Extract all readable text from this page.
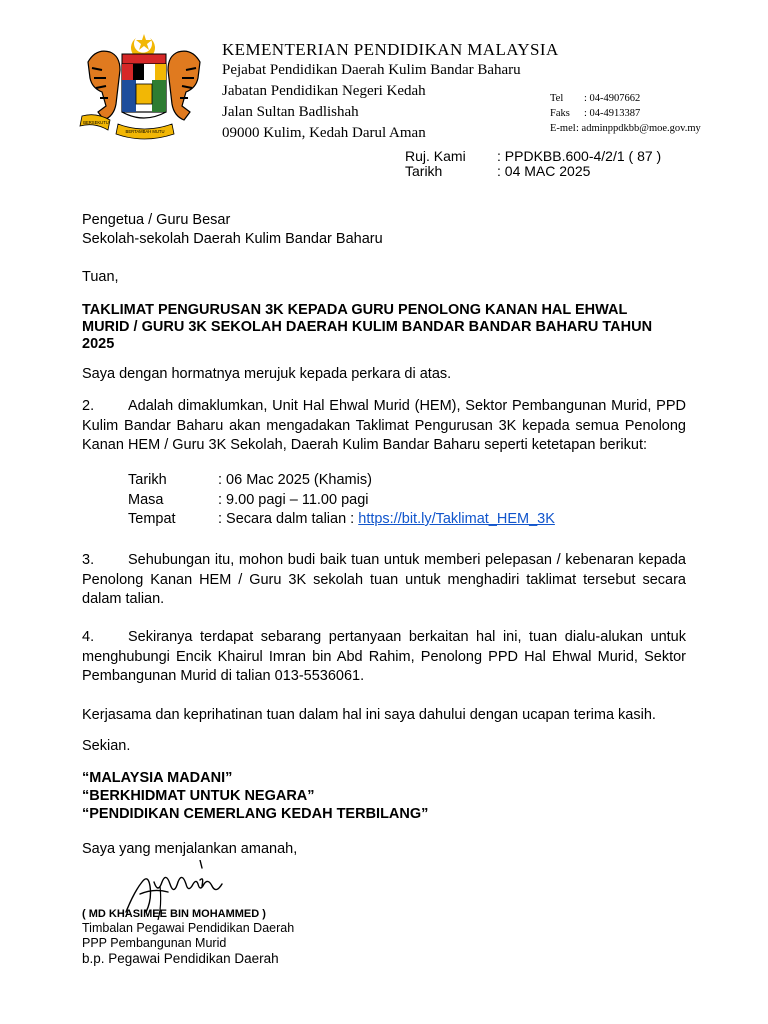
BERSEKUTU
BERTAMBAH MUTU
KEMENTERIAN PENDIDIKAN MALAYSIA
Pejabat Pendidikan Daerah Kulim Bandar Baharu
Jabatan Pendidikan Negeri Kedah
Jalan Sultan Badlishah
09000 Kulim, Kedah Darul Aman
Tel : 04-4907662
Faks : 04-4913387
E-mel: adminppdkbb@moe.gov.my
Ruj. Kami : PPDKBB.600-4/2/1 ( 87 )
Tarikh	: 04 MAC 2025
Pengetua / Guru Besar
Sekolah-sekolah Daerah Kulim Bandar Baharu
Tuan,
TAKLIMAT PENGURUSAN 3K KEPADA GURU PENOLONG KANAN HAL EHWAL
MURID / GURU 3K SEKOLAH DAERAH KULIM BANDAR BANDAR BAHARU TAHUN
2025
Saya dengan hormatnya merujuk kepada perkara di atas.
2. Adalah dimaklumkan, Unit Hal Ehwal Murid (HEM), Sektor Pembangunan Murid, PPD Kulim Bandar Baharu akan mengadakan Taklimat Pengurusan 3K kepada semua Penolong Kanan HEM / Guru 3K Sekolah, Daerah Kulim Bandar Baharu seperti ketetapan berikut:
Tarikh	: 06 Mac 2025 (Khamis)
Masa	: 9.00 pagi – 11.00 pagi
Tempat	: Secara dalm talian : https://bit.ly/Taklimat_HEM_3K
3. Sehubungan itu, mohon budi baik tuan untuk memberi pelepasan / kebenaran kepada Penolong Kanan HEM / Guru 3K sekolah tuan untuk menghadiri taklimat tersebut secara dalam talian.
4. Sekiranya terdapat sebarang pertanyaan berkaitan hal ini, tuan dialu-alukan untuk menghubungi Encik Khairul Imran bin Abd Rahim, Penolong PPD Hal Ehwal Murid, Sektor Pembangunan Murid di talian 013-5536061.
Kerjasama dan keprihatinan tuan dalam hal ini saya dahului dengan ucapan terima kasih.
Sekian.
“MALAYSIA MADANI”
“BERKHIDMAT UNTUK NEGARA”
“PENDIDIKAN CEMERLANG KEDAH TERBILANG”
Saya yang menjalankan amanah,
( MD KHASIMEE BIN MOHAMMED )
Timbalan Pegawai Pendidikan Daerah
PPP Pembangunan Murid
b.p. Pegawai Pendidikan Daerah
